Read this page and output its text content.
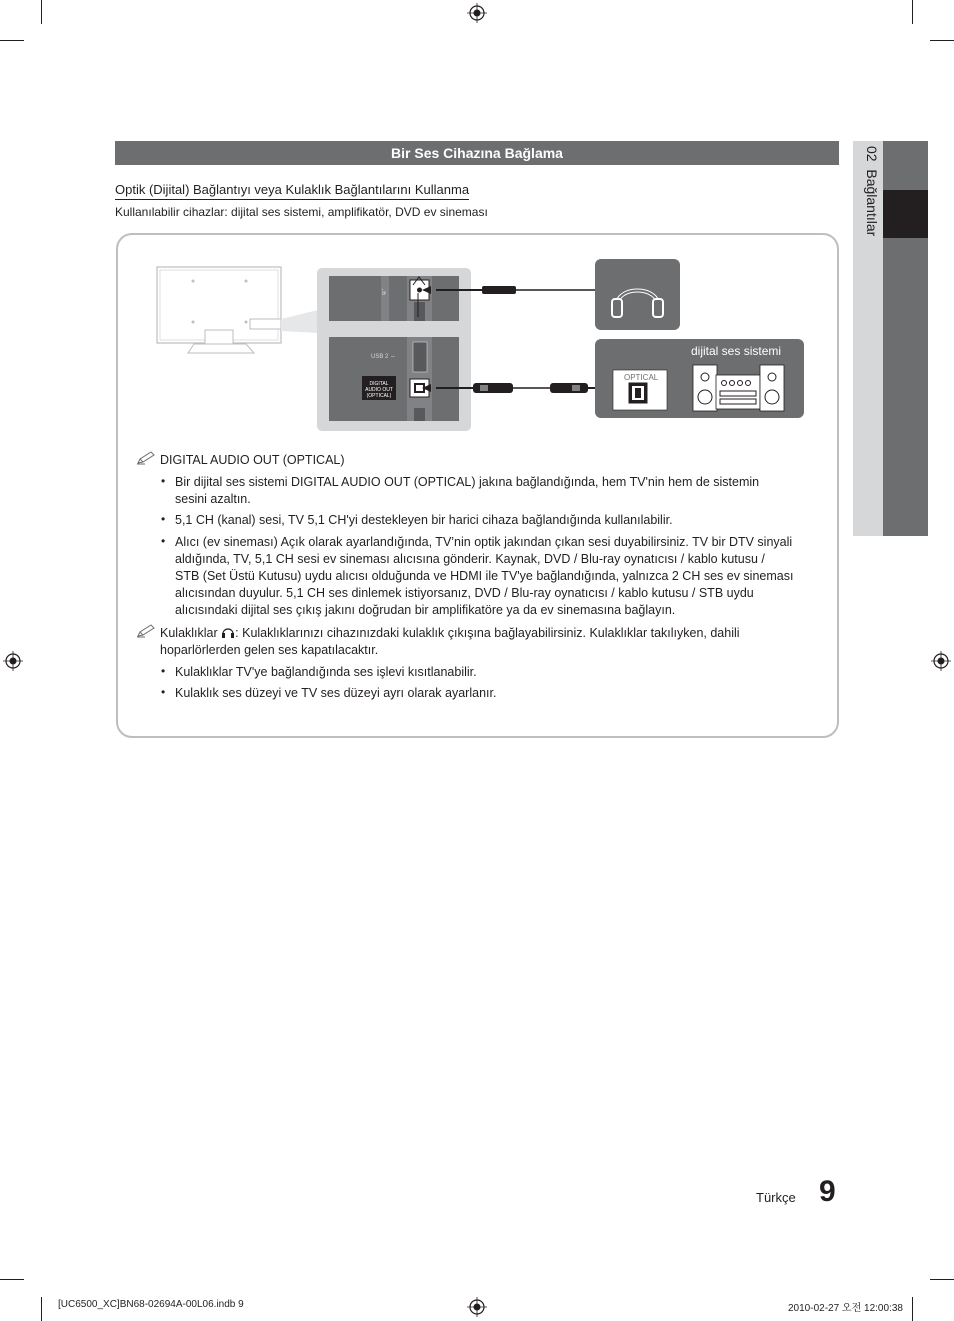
Bir Ses Cihazına Bağlama	02  Bağlantılar
Optik (Dijital) Bağlantıyı veya Kulaklık Bağlantılarını Kullanma
Kullanılabilir cihazlar: dijital ses sistemi, amplifikatör, DVD ev sineması
♭
DIGITAL
AUDIO OUT
(OPTICAL)
USB 2 ⇔	dijital ses sistemi
OPTICAL
DIGITAL AUDIO OUT (OPTICAL)
• Bir dijital ses sistemi DIGITAL AUDIO OUT (OPTICAL) jakına bağlandığında, hem TV'nin hem de sistemin
sesini azaltın.
• 5,1 CH (kanal) sesi, TV 5,1 CH'yi destekleyen bir harici cihaza bağlandığında kullanılabilir.
• Alıcı (ev sineması) Açık olarak ayarlandığında, TV’nin optik jakından çıkan sesi duyabilirsiniz. TV bir DTV sinyali
aldığında, TV, 5,1 CH sesi ev sineması alıcısına gönderir. Kaynak, DVD / Blu-ray oynatıcısı / kablo kutusu /
STB (Set Üstü Kutusu) uydu alıcısı olduğunda ve HDMI ile TV'ye bağlandığında, yalnızca 2 CH ses ev sineması
alıcısından duyulur. 5,1 CH ses dinlemek istiyorsanız, DVD / Blu-ray oynatıcısı / kablo kutusu / STB uydu
alıcısındaki dijital ses çıkış jakını doğrudan bir amplifikatöre ya da ev sinemasına bağlayın.
Kulaklıklar : Kulaklıklarınızı cihazınızdaki kulaklık çıkışına bağlayabilirsiniz. Kulaklıklar takılıyken, dahili
hoparlörlerden gelen ses kapatılacaktır.
• Kulaklıklar TV'ye bağlandığında ses işlevi kısıtlanabilir.
• Kulaklık ses düzeyi ve TV ses düzeyi ayrı olarak ayarlanır.
Türkçe 9
[UC6500_XC]BN68-02694A-00L06.indb 9	2010-02-27 오전 12:00:38
